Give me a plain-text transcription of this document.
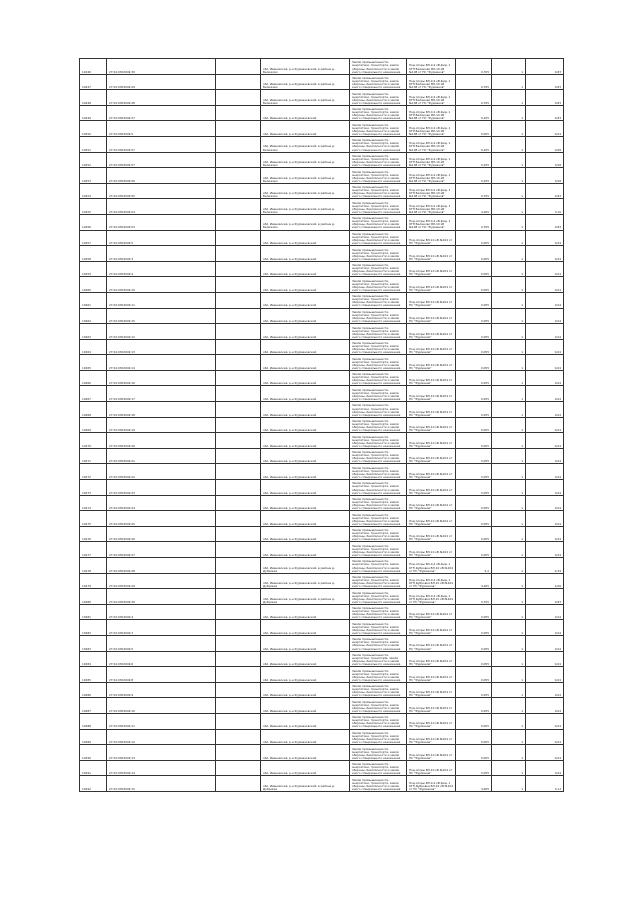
10446	27:04:0302049:30		обл. Ивановская, р-н Фурмановский, в районе д. Белюково	Земли промышленности, энергетики, транспорта, земли обороны, безопасности и земли иного специального назначения	Под опоры ВЛ-0,4 кВ фид. 1 КТП Белюково ВЛ-10 кВ №108 от ПС "Фурманов"	0,705	1	0,83
10447	27:04:0302049:29		обл. Ивановская, р-н Фурмановский, в районе д. Белюково	Земли промышленности, энергетики, транспорта, земли обороны, безопасности и земли иного специального назначения	Под опоры ВЛ-0,4 кВ фид. 1 КТП Белюково ВЛ-10 кВ №108 от ПС "Фурманов"	0,705	1	0,83
10448	27:04:0302049:28		обл. Ивановская, р-н Фурмановский, в районе д. Белюково	Земли промышленности, энергетики, транспорта, земли обороны, безопасности и земли иного специального назначения	Под опоры ВЛ-0,4 кВ фид. 1 КТП Белюково ВЛ-10 кВ №108 от ПС "Фурманов"	0,705	1	0,83
10449	27:04:0302049:27		обл. Ивановская, р-н Фурмановский	Земли промышленности, энергетики, транспорта, земли обороны, безопасности и земли иного специального назначения	Под опоры ВЛ-0,4 кВ фид. 1 КТП Белюково ВЛ-10 кВ №108 от ПС "Фурманов"	0,105	1	0,83
10450	27:04:0302049:5		обл. Ивановская, р-н Фурмановский	Земли промышленности, энергетики, транспорта, земли обороны, безопасности и земли иного специального назначения	Под опоры ВЛ-0,4 кВ фид. 1 КТП Белюково ВЛ-10 кВ №108 от ПС "Фурманов"	0,055	1	0,04
10451	27:04:0302049:57		обл. Ивановская, р-н Фурмановский, в районе д. Белюково	Земли промышленности, энергетики, транспорта, земли обороны, безопасности и земли иного специального назначения	Под опоры ВЛ-0,4 кВ фид. 1 КТП Белюково ВЛ-10 кВ №108 от ПС "Фурманов"	0,105	1	0,08
10452	27:04:0302049:57		обл. Ивановская, р-н Фурмановский, в районе д. Белюково	Земли промышленности, энергетики, транспорта, земли обороны, безопасности и земли иного специального назначения	Под опоры ВЛ-0,4 кВ фид. 1 КТП Белюково ВЛ-10 кВ №108 от ПС "Фурманов"	0,105	1	0,08
10453	27:04:0302049:56		обл. Ивановская, р-н Фурмановский, в районе д. Белюково	Земли промышленности, энергетики, транспорта, земли обороны, безопасности и земли иного специального назначения	Под опоры ВЛ-0,4 кВ фид. 1 КТП Белюково ВЛ-10 кВ №108 от ПС "Фурманов"	0,105	1	0,08
10454	27:04:0302049:55		обл. Ивановская, р-н Фурмановский, в районе д. Белюково	Земли промышленности, энергетики, транспорта, земли обороны, безопасности и земли иного специального назначения	Под опоры ВЛ-0,4 кВ фид. 1 КТП Белюково ВЛ-10 кВ №108 от ПС "Фурманов"	0,705	1	0,83
10455	27:04:0302049:54		обл. Ивановская, р-н Фурмановский, в районе д. Белюково	Земли промышленности, энергетики, транспорта, земли обороны, безопасности и земли иного специального назначения	Под опоры ВЛ-0,4 кВ фид. 1 КТП Белюково ВЛ-10 кВ №108 от ПС "Фурманов"	4,205	1	3,10
10456	27:04:0302049:53		обл. Ивановская, р-н Фурмановский, в районе д. Белюково	Земли промышленности, энергетики, транспорта, земли обороны, безопасности и земли иного специального назначения	Под опоры ВЛ-0,4 кВ фид. 1 КТП Белюково ВЛ-10 кВ №108 от ПС "Фурманов"	0,705	1	0,83
10457	27:04:0302049:5		обл. Ивановская, р-н Фурмановский	Земли промышленности, энергетики, транспорта, земли обороны, безопасности и земли иного специального назначения	Под опоры ВЛ-10 кВ №104 от ПС "Фурманов"	0,055	1	0,04
10458	27:04:0302049:3		обл. Ивановская, р-н Фурмановский	Земли промышленности, энергетики, транспорта, земли обороны, безопасности и земли иного специального назначения	Под опоры ВЛ-10 кВ №104 от ПС "Фурманов"	0,055	1	0,04
10459	27:04:0302049:4		обл. Ивановская, р-н Фурмановский	Земли промышленности, энергетики, транспорта, земли обороны, безопасности и земли иного специального назначения	Под опоры ВЛ-10 кВ №104 от ПС "Фурманов"	0,055	1	0,04
10460	27:04:0302049:10		обл. Ивановская, р-н Фурмановский	Земли промышленности, энергетики, транспорта, земли обороны, безопасности и земли иного специального назначения	Под опоры ВЛ-10 кВ №104 от ПС "Фурманов"	0,055	1	0,04
10461	27:04:0302049:11		обл. Ивановская, р-н Фурмановский	Земли промышленности, энергетики, транспорта, земли обороны, безопасности и земли иного специального назначения	Под опоры ВЛ-10 кВ №104 от ПС "Фурманов"	0,055	1	0,04
10462	27:04:0302049:15		обл. Ивановская, р-н Фурмановский	Земли промышленности, энергетики, транспорта, земли обороны, безопасности и земли иного специального назначения	Под опоры ВЛ-10 кВ №104 от ПС "Фурманов"	0,055	1	0,04
10463	27:04:0302049:12		обл. Ивановская, р-н Фурмановский	Земли промышленности, энергетики, транспорта, земли обороны, безопасности и земли иного специального назначения	Под опоры ВЛ-10 кВ №104 от ПС "Фурманов"	0,055	1	0,04
10464	27:04:0302049:13		обл. Ивановская, р-н Фурмановский	Земли промышленности, энергетики, транспорта, земли обороны, безопасности и земли иного специального назначения	Под опоры ВЛ-10 кВ №104 от ПС "Фурманов"	0,055	1	0,04
10465	27:04:0302049:14		обл. Ивановская, р-н Фурмановский	Земли промышленности, энергетики, транспорта, земли обороны, безопасности и земли иного специального назначения	Под опоры ВЛ-10 кВ №104 от ПС "Фурманов"	0,055	1	0,04
10466	27:04:0302049:16		обл. Ивановская, р-н Фурмановский	Земли промышленности, энергетики, транспорта, земли обороны, безопасности и земли иного специального назначения	Под опоры ВЛ-10 кВ №104 от ПС "Фурманов"	0,055	1	0,04
10467	27:04:0302049:17		обл. Ивановская, р-н Фурмановский	Земли промышленности, энергетики, транспорта, земли обороны, безопасности и земли иного специального назначения	Под опоры ВЛ-10 кВ №104 от ПС "Фурманов"	0,055	1	0,04
10468	27:04:0302049:18		обл. Ивановская, р-н Фурмановский	Земли промышленности, энергетики, транспорта, земли обороны, безопасности и земли иного специального назначения	Под опоры ВЛ-10 кВ №104 от ПС "Фурманов"	0,055	1	0,04
10469	27:04:0302049:19		обл. Ивановская, р-н Фурмановский	Земли промышленности, энергетики, транспорта, земли обороны, безопасности и земли иного специального назначения	Под опоры ВЛ-10 кВ №104 от ПС "Фурманов"	0,055	1	0,04
10470	27:04:0302049:20		обл. Ивановская, р-н Фурмановский	Земли промышленности, энергетики, транспорта, земли обороны, безопасности и земли иного специального назначения	Под опоры ВЛ-10 кВ №104 от ПС "Фурманов"	0,055	1	0,04
10471	27:04:0302049:21		обл. Ивановская, р-н Фурмановский	Земли промышленности, энергетики, транспорта, земли обороны, безопасности и земли иного специального назначения	Под опоры ВЛ-10 кВ №104 от ПС "Фурманов"	0,055	1	0,04
10472	27:04:0302049:22		обл. Ивановская, р-н Фурмановский	Земли промышленности, энергетики, транспорта, земли обороны, безопасности и земли иного специального назначения	Под опоры ВЛ-10 кВ №104 от ПС "Фурманов"	0,055	1	0,04
10473	27:04:0302049:23		обл. Ивановская, р-н Фурмановский	Земли промышленности, энергетики, транспорта, земли обороны, безопасности и земли иного специального назначения	Под опоры ВЛ-10 кВ №104 от ПС "Фурманов"	0,055	1	0,04
10474	27:04:0302049:24		обл. Ивановская, р-н Фурмановский	Земли промышленности, энергетики, транспорта, земли обороны, безопасности и земли иного специального назначения	Под опоры ВЛ-10 кВ №104 от ПС "Фурманов"	0,055	1	0,04
10475	27:04:0302049:25		обл. Ивановская, р-н Фурмановский	Земли промышленности, энергетики, транспорта, земли обороны, безопасности и земли иного специального назначения	Под опоры ВЛ-10 кВ №104 от ПС "Фурманов"	0,055	1	0,04
10476	27:04:0302049:26		обл. Ивановская, р-н Фурмановский	Земли промышленности, энергетики, транспорта, земли обороны, безопасности и земли иного специального назначения	Под опоры ВЛ-10 кВ №104 от ПС "Фурманов"	0,055	1	0,04
10477	27:04:0302049:27		обл. Ивановская, р-н Фурмановский	Земли промышленности, энергетики, транспорта, земли обороны, безопасности и земли иного специального назначения	Под опоры ВЛ-10 кВ №104 от ПС "Фурманов"	0,055	1	0,04
10478	27:04:0302049:28		обл. Ивановская, р-н Фурмановский, в районе д. Дубровка	Земли промышленности, энергетики, транспорта, земли обороны, безопасности и земли иного специального назначения	Под опоры ВЛ-0,4 кВ фид. 1 КТП Дубровка ВЛ-10 кВ №104 от ПС "Фурманов"	5,2	1	4,34
10479	27:04:0302049:29		обл. Ивановская, р-н Фурмановский, в районе д. Дубровка	Земли промышленности, энергетики, транспорта, земли обороны, безопасности и земли иного специального назначения	Под опоры ВЛ-0,4 кВ фид. 1 КТП Дубровка ВЛ-10 кВ №104 от ПС "Фурманов"	4,405	1	4,06
10480	27:04:0302049:30		обл. Ивановская, р-н Фурмановский, в районе д. Дубровка	Земли промышленности, энергетики, транспорта, земли обороны, безопасности и земли иного специального назначения	Под опоры ВЛ-0,4 кВ фид. 1 КТП Дубровка ВЛ-10 кВ №104 от ПС "Фурманов"	0,705	1	0,83
10481	27:04:0302049:4		обл. Ивановская, р-н Фурмановский	Земли промышленности, энергетики, транспорта, земли обороны, безопасности и земли иного специального назначения	Под опоры ВЛ-10 кВ №104 от ПС "Фурманов"	0,055	1	0,04
10482	27:04:0302049:7		обл. Ивановская, р-н Фурмановский	Земли промышленности, энергетики, транспорта, земли обороны, безопасности и земли иного специального назначения	Под опоры ВЛ-10 кВ №104 от ПС "Фурманов"	0,055	1	0,04
10483	27:04:0302049:5		обл. Ивановская, р-н Фурмановский	Земли промышленности, энергетики, транспорта, земли обороны, безопасности и земли иного специального назначения	Под опоры ВЛ-10 кВ №104 от ПС "Фурманов"	0,055	1	0,04
10484	27:04:0302049:6		обл. Ивановская, р-н Фурмановский	Земли промышленности, энергетики, транспорta, земли обороны, безопасности и земли иного специального назначения	Под опоры ВЛ-10 кВ №104 от ПС "Фурманов"	0,055	1	0,04
10485	27:04:0302049:8		обл. Ивановская, р-н Фурмановский	Земли промышленности, энергетики, транспорта, земли обороны, безопасности и земли иного специального назначения	Под опоры ВЛ-10 кВ №104 от ПС "Фурманов"	0,055	1	0,04
10486	27:04:0302049:9		обл. Ивановская, р-н Фурмановский	Земли промышленности, энергетики, транспорта, земли обороны, безопасности и земли иного специального назначения	Под опоры ВЛ-10 кВ №104 от ПС "Фурманов"	0,055	1	0,04
10487	27:04:0302049:10		обл. Ивановская, р-н Фурмановский	Земли промышленности, энергетики, транспорта, земли обороны, безопасности и земли иного специального назначения	Под опоры ВЛ-10 кВ №104 от ПС "Фурманов"	0,055	1	0,04
10488	27:04:0302049:11		обл. Ивановская, р-н Фурмановский	Земли промышленности, энергетики, транспорта, земли обороны, безопасности и земли иного специального назначения	Под опоры ВЛ-10 кВ №104 от ПС "Фурманов"	0,055	1	0,04
10489	27:04:0302049:12		обл. Ивановская, р-н Фурмановский	Земли промышленности, энергетики, транспорта, земли обороны, безопасности и земли иного специального назначения	Под опоры ВЛ-10 кВ №104 от ПС "Фурманов"	0,055	1	0,04
10490	27:04:0302049:13		обл. Ивановская, р-н Фурмановский	Земли промышленности, энергетики, транспорта, земли обороны, безопасности и земли иного специального назначения	Под опоры ВЛ-10 кВ №104 от ПС "Фурманов"	0,055	1	0,04
10491	27:04:0302049:14		обл. Ивановская, р-н Фурмановский	Земли промышленности, энергетики, транспорта, земли обороны, безопасности и земли иного специального назначения	Под опоры ВЛ-10 кВ №104 от ПС "Фурманов"	0,055	1	0,04
10492	27:04:0302049:15		обл. Ивановская, р-н Фурмановский, в районе д. Дубровка	Земли промышленности, энергетики, транспорта, земли обороны, безопасности и земли иного специального назначения	Под опоры ВЛ-0,4 кВ фид. 1 КТП Дубровка ВЛ-10 кВ №104 от ПС "Фурманов"	4,005	1	3,13
